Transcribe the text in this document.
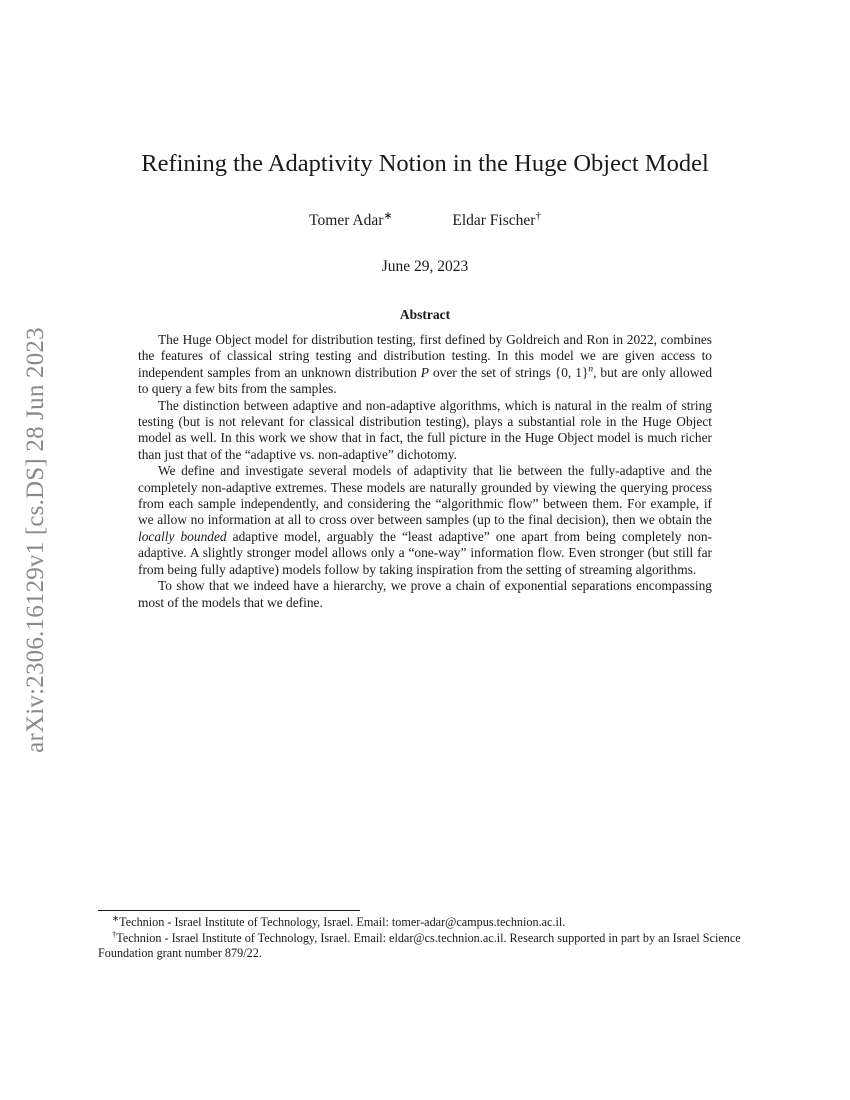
arXiv:2306.16129v1 [cs.DS] 28 Jun 2023
Refining the Adaptivity Notion in the Huge Object Model
Tomer Adar∗	Eldar Fischer†
June 29, 2023
Abstract

The Huge Object model for distribution testing, first defined by Goldreich and Ron in 2022, combines the features of classical string testing and distribution testing. In this model we are given access to independent samples from an unknown distribution P over the set of strings {0, 1}$^n$, but are only allowed to query a few bits from the samples.

The distinction between adaptive and non-adaptive algorithms, which is natural in the realm of string testing (but is not relevant for classical distribution testing), plays a substantial role in the Huge Object model as well. In this work we show that in fact, the full picture in the Huge Object model is much richer than just that of the “adaptive vs. non-adaptive” dichotomy.

We define and investigate several models of adaptivity that lie between the fully-adaptive and the completely non-adaptive extremes. These models are naturally grounded by viewing the querying process from each sample independently, and considering the “algorithmic flow” between them. For example, if we allow no information at all to cross over between samples (up to the final decision), then we obtain the locally bounded adaptive model, arguably the “least adaptive” one apart from being completely non-adaptive. A slightly stronger model allows only a “one-way” information flow. Even stronger (but still far from being fully adaptive) models follow by taking inspiration from the setting of streaming algorithms.

To show that we indeed have a hierarchy, we prove a chain of exponential separations encompassing most of the models that we define.

∗Technion - Israel Institute of Technology, Israel. Email: tomer-adar@campus.technion.ac.il.

†Technion - Israel Institute of Technology, Israel. Email: eldar@cs.technion.ac.il. Research supported in part by an Israel Science Foundation grant number 879/22.
